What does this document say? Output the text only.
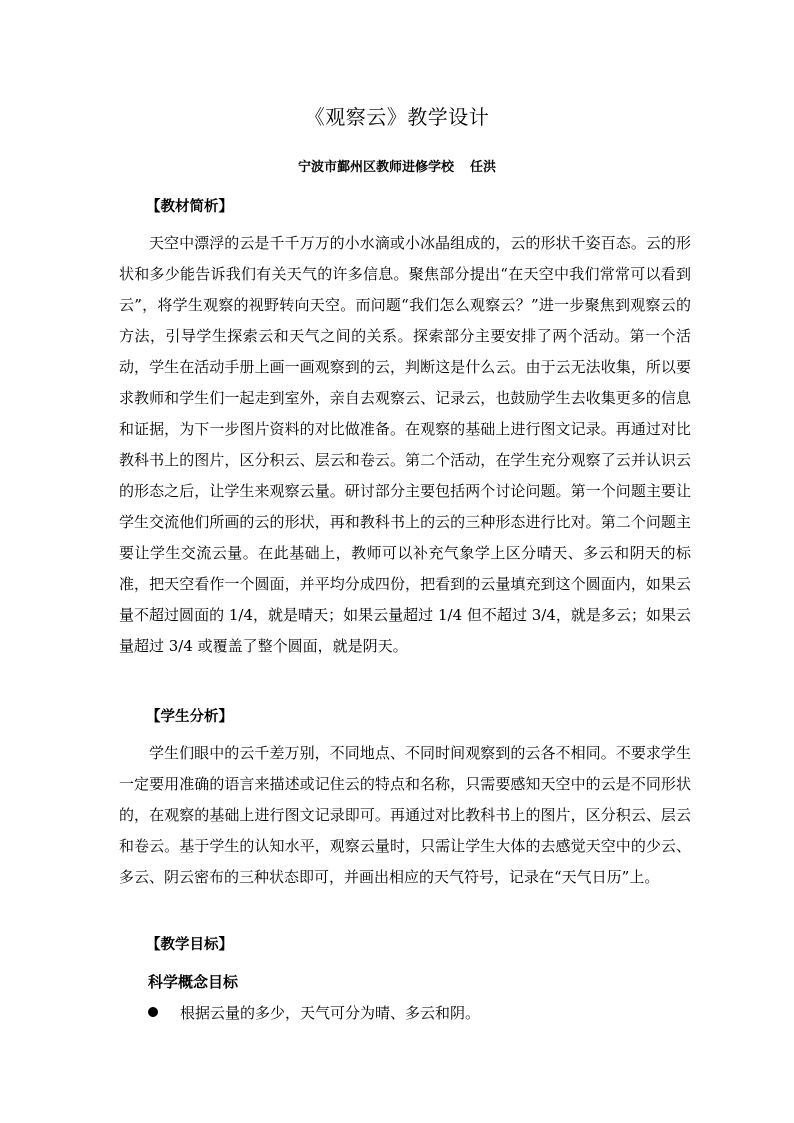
《观察云》教学设计
宁波市鄞州区教师进修学校 任洪
【教材简析】
天空中漂浮的云是千千万万的小水滴或小冰晶组成的，云的形状千姿百态。云的形状和多少能告诉我们有关天气的许多信息。聚焦部分提出“在天空中我们常常可以看到云”，将学生观察的视野转向天空。而问题“我们怎么观察云？”进一步聚焦到观察云的方法，引导学生探索云和天气之间的关系。探索部分主要安排了两个活动。第一个活动，学生在活动手册上画一画观察到的云，判断这是什么云。由于云无法收集，所以要求教师和学生们一起走到室外，亲自去观察云、记录云，也鼓励学生去收集更多的信息和证据，为下一步图片资料的对比做准备。在观察的基础上进行图文记录。再通过对比教科书上的图片，区分积云、层云和卷云。第二个活动，在学生充分观察了云并认识云的形态之后，让学生来观察云量。研讨部分主要包括两个讨论问题。第一个问题主要让学生交流他们所画的云的形状，再和教科书上的云的三种形态进行比对。第二个问题主要让学生交流云量。在此基础上，教师可以补充气象学上区分晴天、多云和阴天的标准，把天空看作一个圆面，并平均分成四份，把看到的云量填充到这个圆面内，如果云量不超过圆面的 1/4，就是晴天；如果云量超过 1/4 但不超过 3/4，就是多云；如果云量超过 3/4 或覆盖了整个圆面，就是阴天。
【学生分析】
学生们眼中的云千差万别，不同地点、不同时间观察到的云各不相同。不要求学生一定要用准确的语言来描述或记住云的特点和名称，只需要感知天空中的云是不同形状的，在观察的基础上进行图文记录即可。再通过对比教科书上的图片，区分积云、层云和卷云。基于学生的认知水平，观察云量时，只需让学生大体的去感觉天空中的少云、多云、阴云密布的三种状态即可，并画出相应的天气符号，记录在“天气日历”上。
【教学目标】
科学概念目标
根据云量的多少，天气可分为晴、多云和阴。
